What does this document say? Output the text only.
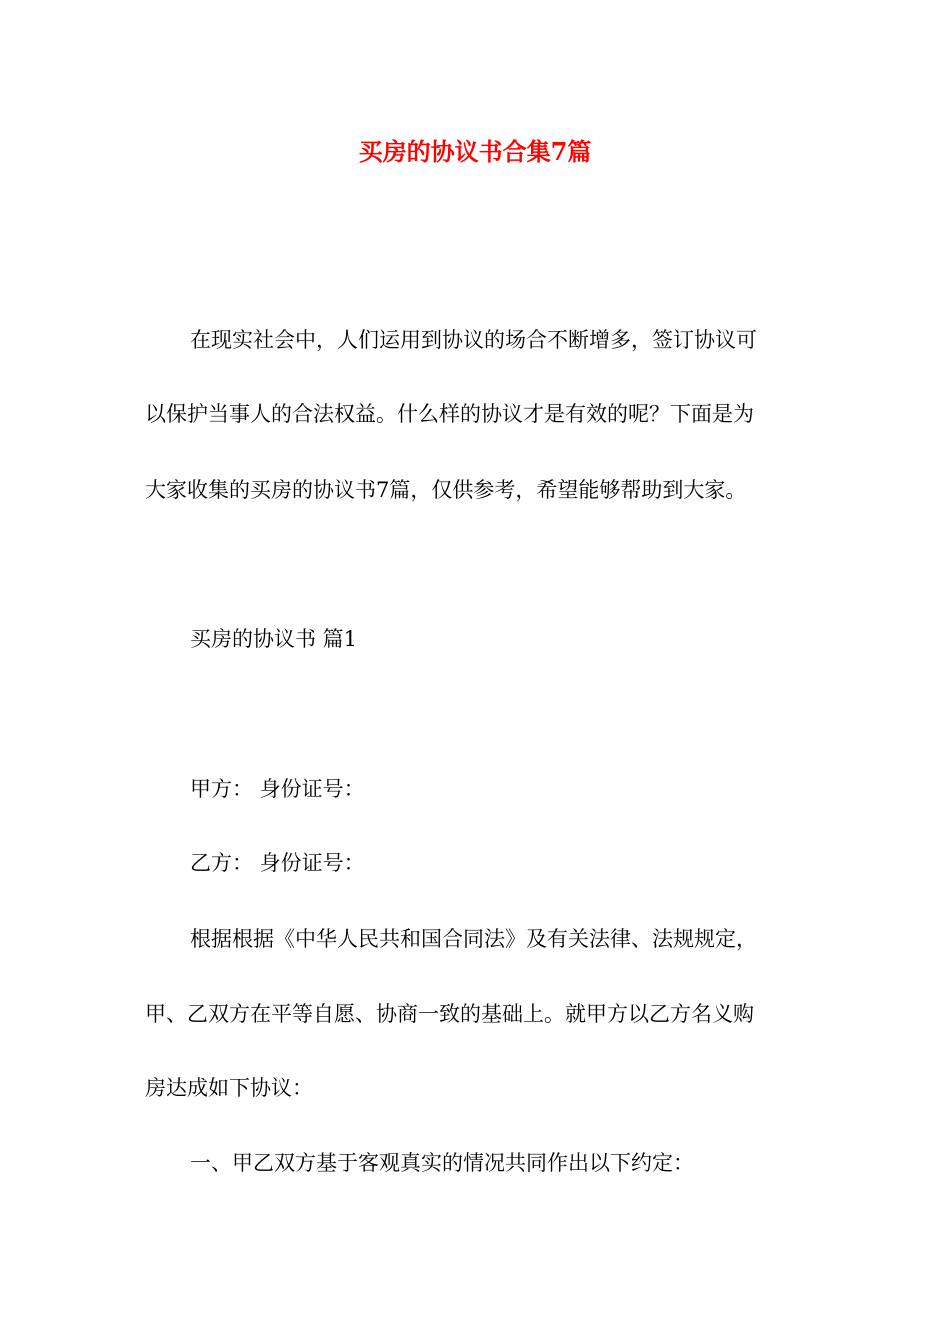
买房的协议书合集7篇
在现实社会中，人们运用到协议的场合不断增多，签订协议可
以保护当事人的合法权益。什么样的协议才是有效的呢？下面是为
大家收集的买房的协议书7篇，仅供参考，希望能够帮助到大家。
买房的协议书 篇1
甲方： 身份证号：
乙方： 身份证号：
根据根据《中华人民共和国合同法》及有关法律、法规规定，
甲、乙双方在平等自愿、协商一致的基础上。就甲方以乙方名义购
房达成如下协议：
一、甲乙双方基于客观真实的情况共同作出以下约定：
